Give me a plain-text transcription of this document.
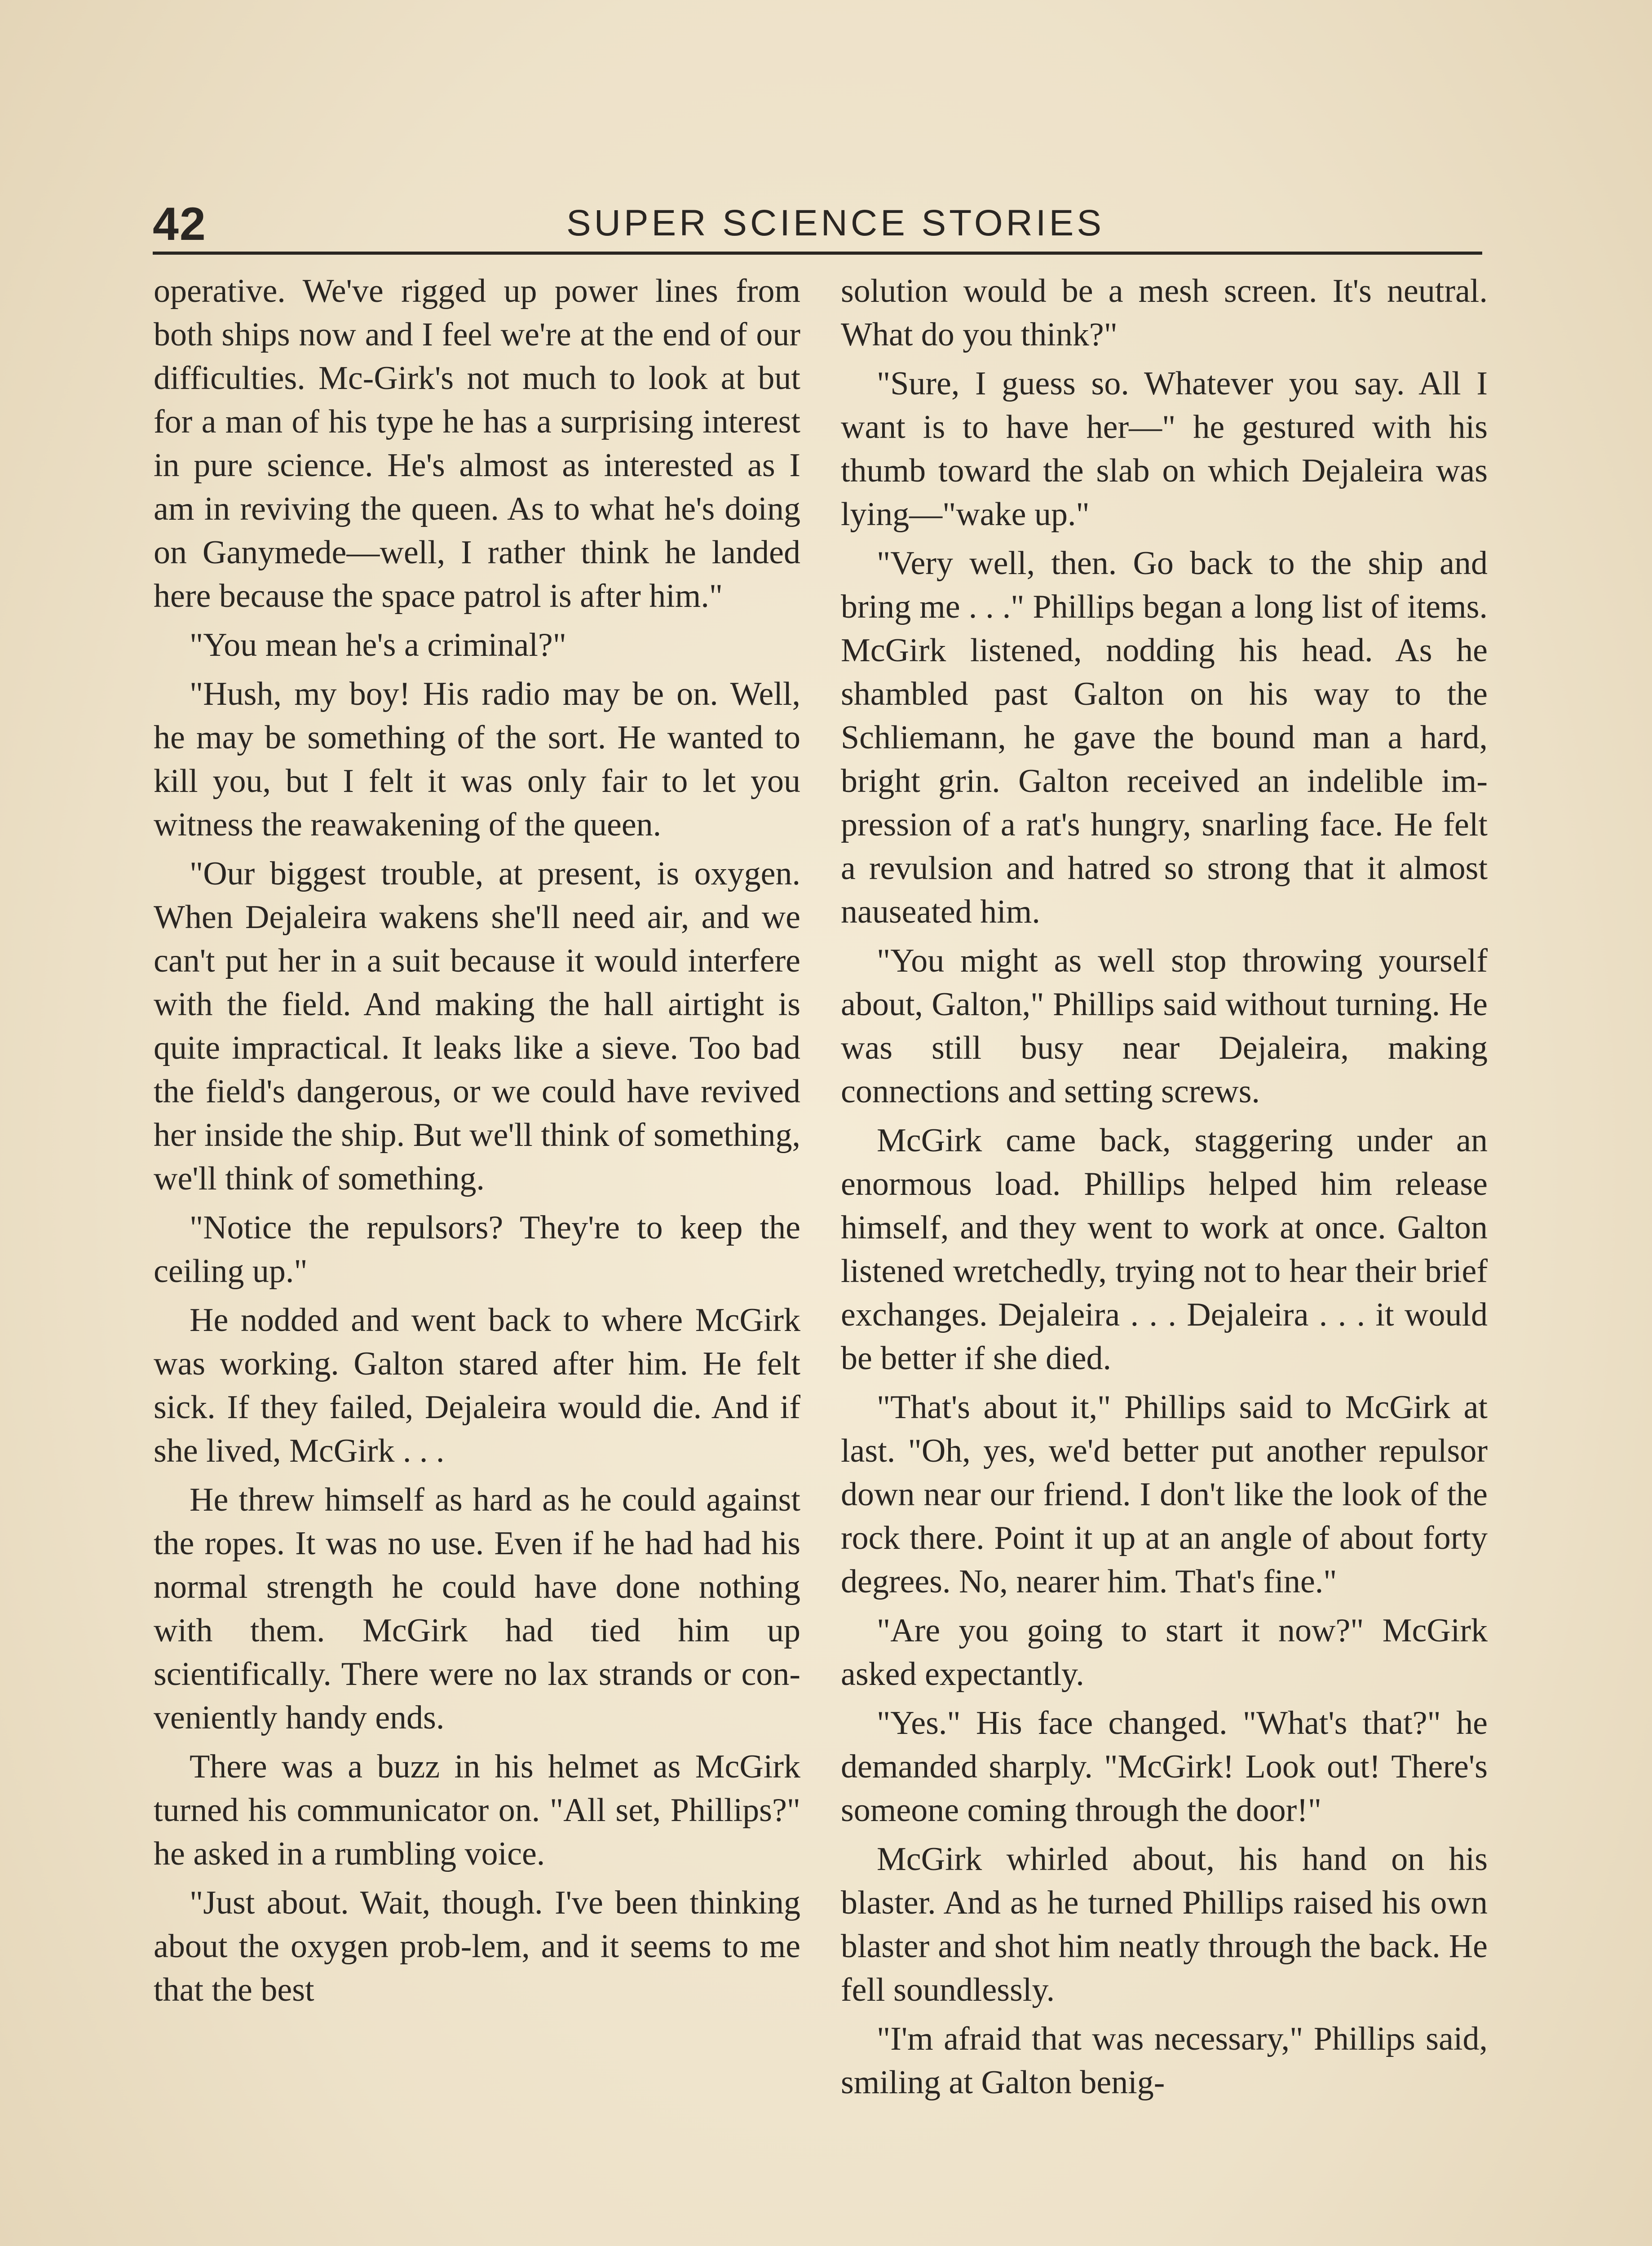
42	SUPER SCIENCE STORIES

operative. We've rigged up power lines from both ships now and I feel we're at the end of our difficulties. Mc-Girk's not much to look at but for a man of his type he has a surprising interest in pure science. He's almost as interested as I am in reviving the queen. As to what he's doing on Ganymede—well, I rather think he landed here because the space patrol is after him."

"You mean he's a criminal?"

"Hush, my boy! His radio may be on. Well, he may be something of the sort. He wanted to kill you, but I felt it was only fair to let you witness the reawakening of the queen.

"Our biggest trouble, at present, is oxygen. When Dejaleira wakens she'll need air, and we can't put her in a suit because it would interfere with the field. And making the hall airtight is quite impractical. It leaks like a sieve. Too bad the field's dangerous, or we could have revived her inside the ship. But we'll think of something, we'll think of something.

"Notice the repulsors? They're to keep the ceiling up."

He nodded and went back to where McGirk was working. Galton stared after him. He felt sick. If they failed, Dejaleira would die. And if she lived, McGirk . . .

He threw himself as hard as he could against the ropes. It was no use. Even if he had had his normal strength he could have done nothing with them. McGirk had tied him up scientifically. There were no lax strands or con-veniently handy ends.

There was a buzz in his helmet as McGirk turned his communicator on. "All set, Phillips?" he asked in a rumbling voice.

"Just about. Wait, though. I've been thinking about the oxygen prob-lem, and it seems to me that the best

solution would be a mesh screen. It's neutral. What do you think?"

"Sure, I guess so. Whatever you say. All I want is to have her—" he gestured with his thumb toward the slab on which Dejaleira was lying—"wake up."

"Very well, then. Go back to the ship and bring me . . ." Phillips began a long list of items. McGirk listened, nodding his head. As he shambled past Galton on his way to the Schliemann, he gave the bound man a hard, bright grin. Galton received an indelible im-pression of a rat's hungry, snarling face. He felt a revulsion and hatred so strong that it almost nauseated him.

"You might as well stop throwing yourself about, Galton," Phillips said without turning. He was still busy near Dejaleira, making connections and setting screws.

McGirk came back, staggering under an enormous load. Phillips helped him release himself, and they went to work at once. Galton listened wretchedly, trying not to hear their brief exchanges. Dejaleira . . . Dejaleira . . . it would be better if she died.

"That's about it," Phillips said to McGirk at last. "Oh, yes, we'd better put another repulsor down near our friend. I don't like the look of the rock there. Point it up at an angle of about forty degrees. No, nearer him. That's fine."

"Are you going to start it now?" McGirk asked expectantly.

"Yes." His face changed. "What's that?" he demanded sharply. "McGirk! Look out! There's someone coming through the door!"

McGirk whirled about, his hand on his blaster. And as he turned Phillips raised his own blaster and shot him neatly through the back. He fell soundlessly.

"I'm afraid that was necessary," Phillips said, smiling at Galton benig-
